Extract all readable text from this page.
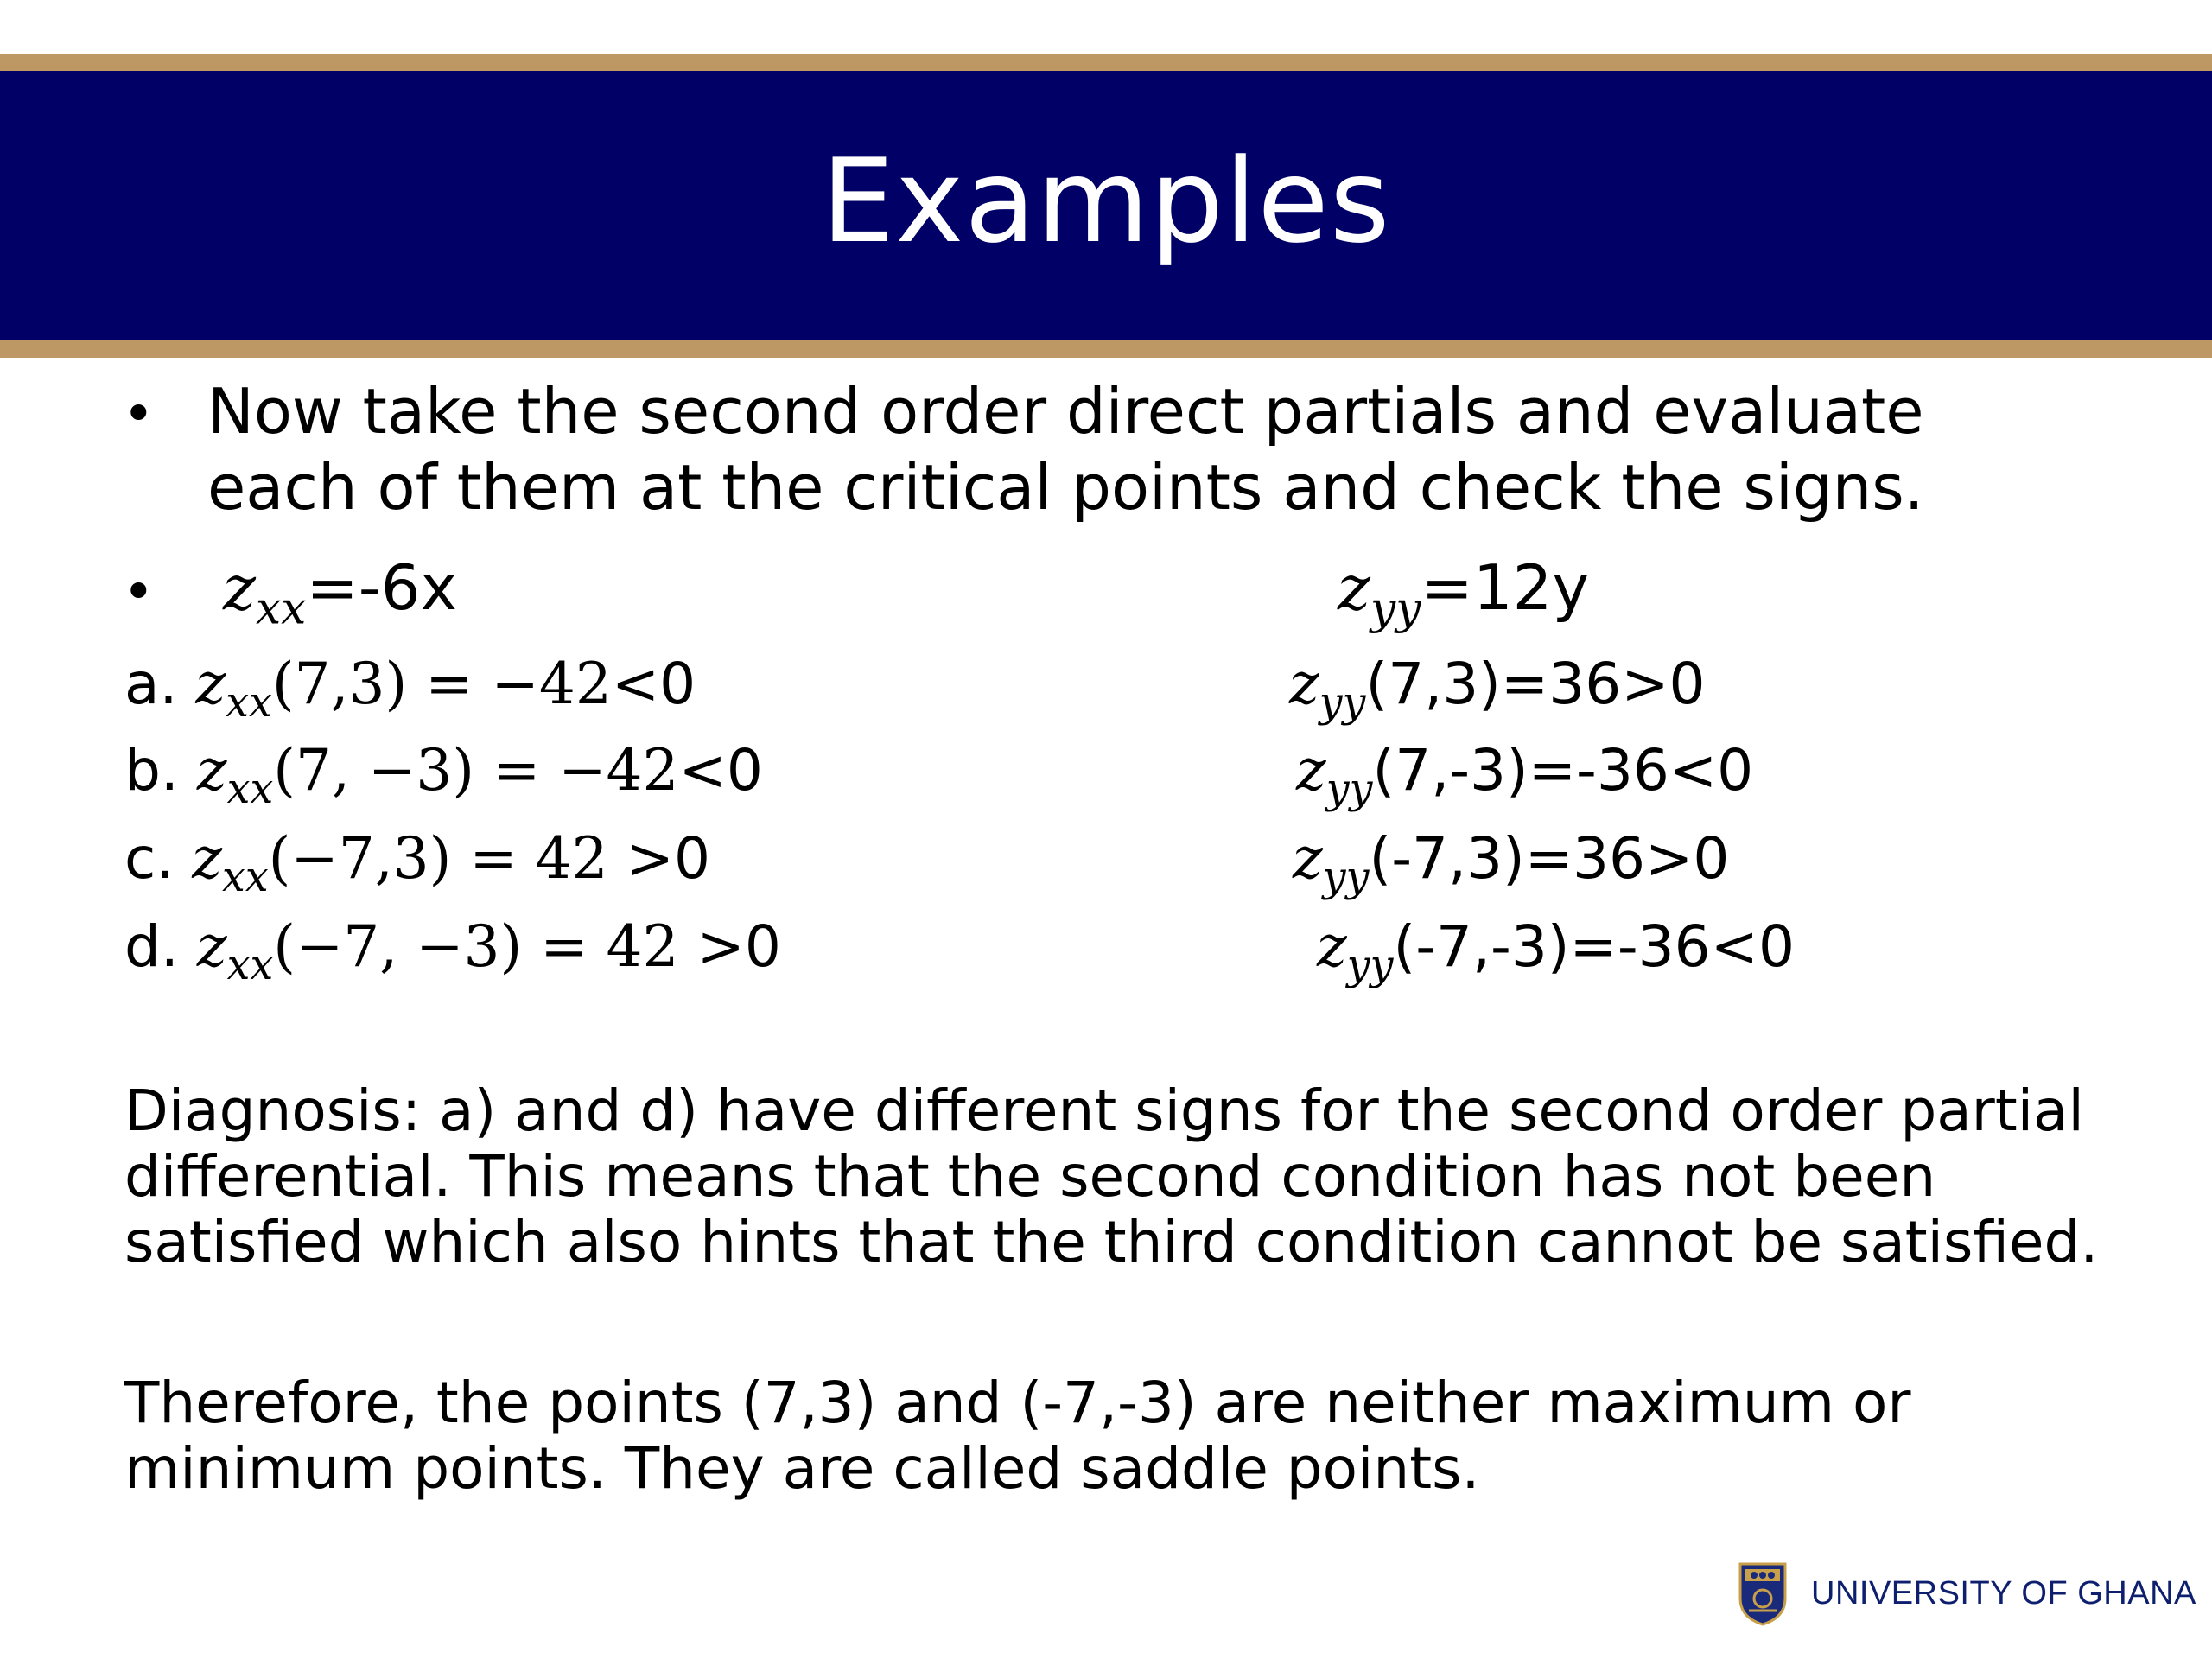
Examples
• Now take the second order direct partials and evaluate
each of them at the critical points and check the signs.
• $z_{xx}=-6x$	$z_{yy}=12y$
a. $z_{xx}(7,3) = -42<0$
b. $z_{xx}(7$, −3) = −42<0
c. $z_{xx}(-7,3) = 42 >0$
d. $z_{xx}(-7$, −3) = 42 >0
$z_{yy}(7,3)=36>0$
$z_{yy}(7,-3)=-36<0$
$z_{yy}(-7,3)=36>0$
$z_{yy}(-7,-3)=-36<0$
Diagnosis: a) and d) have different signs for the second order partial
differential. This means that the second condition has not been
satisfied which also hints that the third condition cannot be satisfied.
Therefore, the points (7,3) and (-7,-3) are neither maximum or
minimum points. They are called saddle points.
UNIVERSITY OF GHANA
